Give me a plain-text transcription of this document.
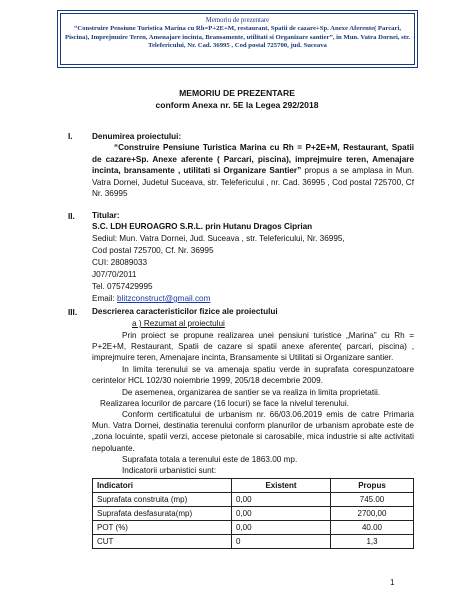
Memoriu de prezentare
“Construire Pensiune Turistica Marina cu Rh=P+2E+M, restaurant, Spatii de cazare+Sp. Anexe Aferente( Parcari, Piscina), Imprejmuire Teren, Amenajare incinta, Bransamente, utilitati si Organizare santier”, in Mun. Vatra Dornei, str. Telefericului, Nr. Cad. 36995 , Cod postal 725700, jud. Suceava
MEMORIU DE PREZENTARE
conform Anexa nr. 5E la Legea 292/2018
I. Denumirea proiectului:
“Construire Pensiune Turistica Marina cu Rh = P+2E+M, Restaurant, Spatii de cazare+Sp. Anexe aferente ( Parcari, piscina), imprejmuire teren, Amenajare incinta, bransamente , utilitati si Organizare Santier” propus a se amplasa in Mun. Vatra Dornei, Judetul Suceava, str. Telefericului , nr. Cad. 36995 , Cod postal 725700, Cf Nr. 36995
II. Titular:
S.C. LDH EUROAGRO S.R.L. prin Hutanu Dragos Ciprian
Sediul: Mun. Vatra Dornei, Jud. Suceava , str. Telefericului, Nr. 36995,
Cod postal 725700, Cf. Nr. 36995
CUI: 28089033
J07/70/2011
Tel. 0757429995
Email: blitzconstruct@gmail.com
III. Descrierea caracteristicilor fizice ale proiectului
a ) Rezumat al proiectului
Prin proiect se propune realizarea unei pensiuni turistice „Marina” cu Rh = P+2E+M, Restaurant, Spatii de cazare si spatii anexe aferente( parcari, piscina) , imprejmuire teren, Amenajare incinta, Bransamente si Utilitati si Organizare santier.
In limita terenului se va amenaja spatiu verde in suprafata corespunzatoare cerintelor HCL 102/30 noiembrie 1999, 205/18 decembrie 2009.
De asemenea, organizarea de santier se va realiza in limita proprietatii.
Realizarea locurilor de parcare (16 locuri) se face la nivelul terenului.
Conform certificatului de urbanism nr. 66/03.06.2019 emis de catre Primaria Mun. Vatra Dornei, destinatia terenului conform planurilor de urbanism aprobate este de „zona locuinte, spatii verzi, accese pietonale si carosabile, mica industrie si alte activitati nepoluante.
Suprafata totala a terenului este de 1863.00 mp.
Indicatorii urbanistici sunt:
Indicatori	Existent	Propus
Suprafata construita (mp)	0,00	745.00
Suprafata desfasurata(mp)	0,00	2700,00
POT (%)	0,00	40.00
CUT	0	1,3
1
